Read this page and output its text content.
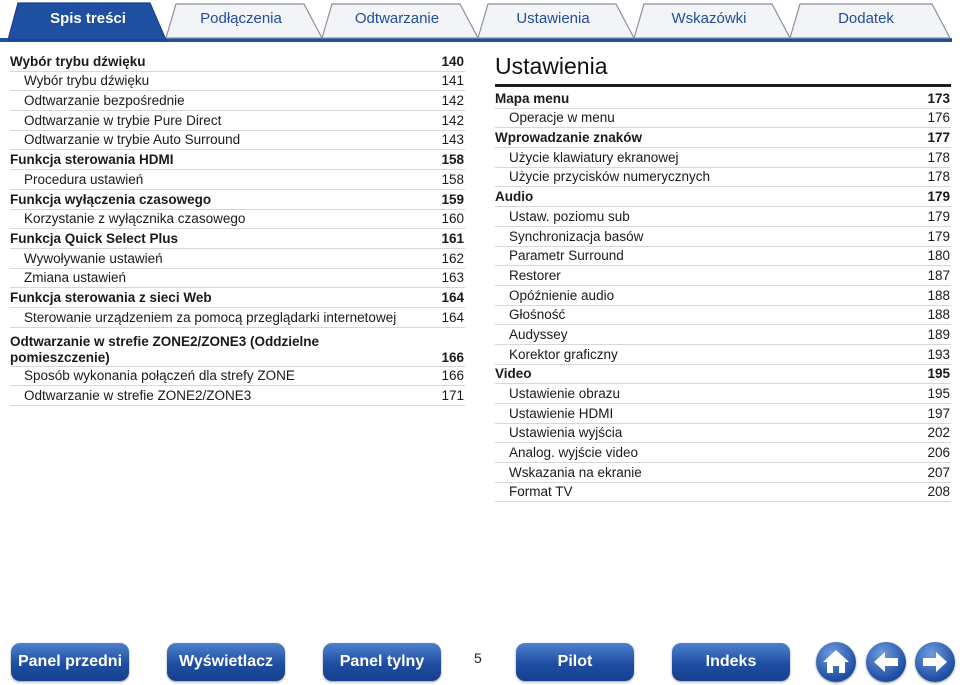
Spis treści	Podłączenia	Odtwarzanie	Ustawienia	Wskazówki	Dodatek
Wybór trybu dźwięku	140
Wybór trybu dźwięku	141
Odtwarzanie bezpośrednie	142
Odtwarzanie w trybie Pure Direct	142
Odtwarzanie w trybie Auto Surround	143
Funkcja sterowania HDMI	158
Procedura ustawień	158
Funkcja wyłączenia czasowego	159
Korzystanie z wyłącznika czasowego	160
Funkcja Quick Select Plus	161
Wywoływanie ustawień	162
Zmiana ustawień	163
Funkcja sterowania z sieci Web	164
Sterowanie urządzeniem za pomocą przeglądarki internetowej	164
Odtwarzanie w strefie ZONE2/ZONE3 (Oddzielne pomieszczenie)	166
Sposób wykonania połączeń dla strefy ZONE	166
Odtwarzanie w strefie ZONE2/ZONE3	171
Ustawienia
Mapa menu	173
Operacje w menu	176
Wprowadzanie znaków	177
Użycie klawiatury ekranowej	178
Użycie przycisków numerycznych	178
Audio	179
Ustaw. poziomu sub	179
Synchronizacja basów	179
Parametr Surround	180
Restorer	187
Opóźnienie audio	188
Głośność	188
Audyssey	189
Korektor graficzny	193
Video	195
Ustawienie obrazu	195
Ustawienie HDMI	197
Ustawienia wyjścia	202
Analog. wyjście video	206
Wskazania na ekranie	207
Format TV	208
Panel przedni	Wyświetlacz	Panel tylny	5	Pilot	Indeks
